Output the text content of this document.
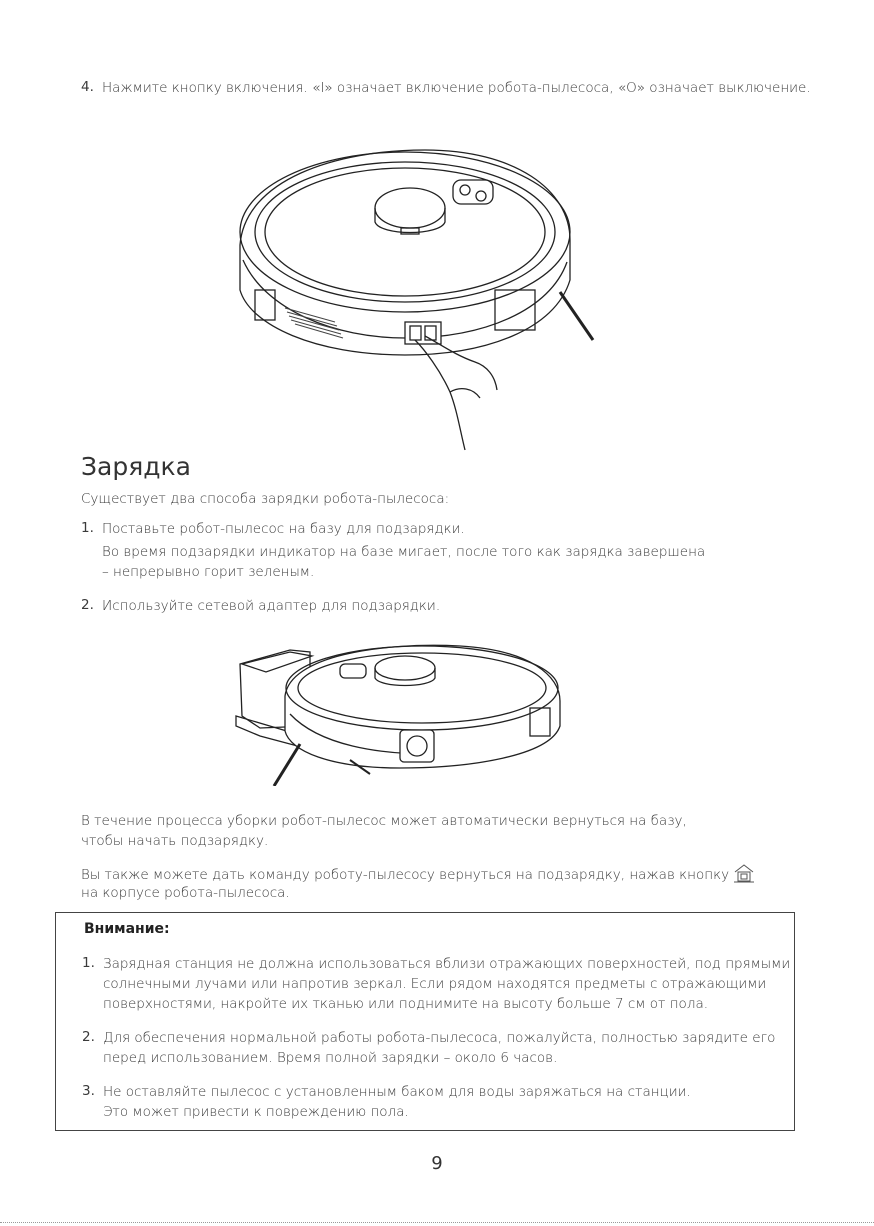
4. Нажмите кнопку включения. «I» означает включение робота-пылесоса, «O» означает выключение.
Зарядка
Существует два способа зарядки робота-пылесоса:
1. Поставьте робот-пылесос на базу для подзарядки.
Во время подзарядки индикатор на базе мигает, после того как зарядка завершена
– непрерывно горит зеленым.
2. Используйте сетевой адаптер для подзарядки.
В течение процесса уборки робот-пылесос может автоматически вернуться на базу,
чтобы начать подзарядку.
Вы также можете дать команду роботу-пылесосу вернуться на подзарядку, нажав кнопку
на корпусе робота-пылесоса.
Внимание:
1. Зарядная станция не должна использоваться вблизи отражающих поверхностей, под прямыми
солнечными лучами или напротив зеркал. Если рядом находятся предметы с отражающими
поверхностями, накройте их тканью или поднимите на высоту больше 7 см от пола.
2. Для обеспечения нормальной работы робота-пылесоса, пожалуйста, полностью зарядите его
перед использованием. Время полной зарядки – около 6 часов.
3. Не оставляйте пылесос с установленным баком для воды заряжаться на станции.
Это может привести к повреждению пола.
9
